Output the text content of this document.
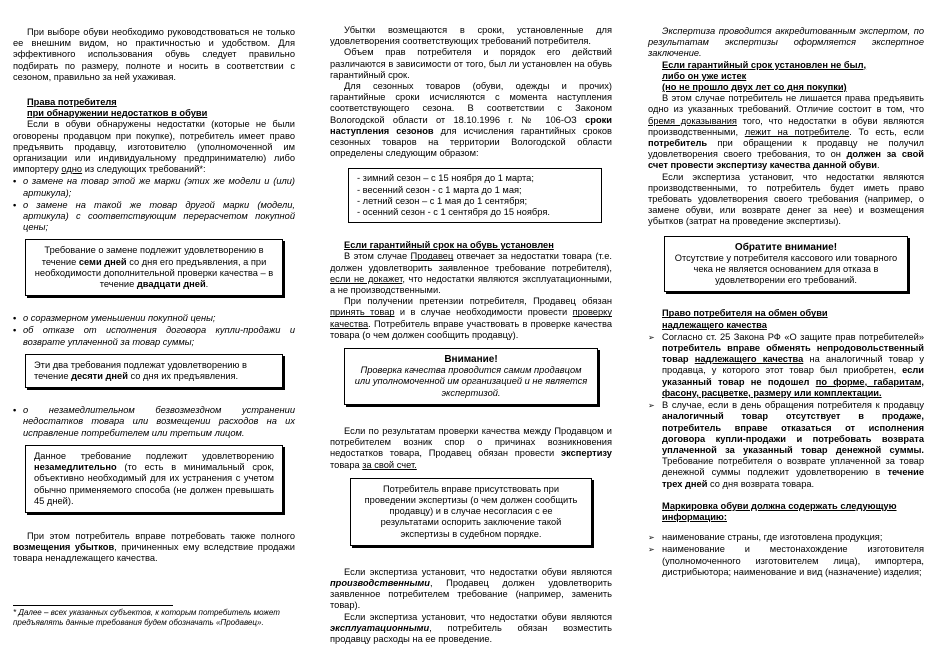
При выборе обуви необходимо руководствоваться не только ее внешним видом, но практичностью и удобством. Для эффективного использования обувь следует правильно подбирать по размеру, полноте и носить в соответствии с сезоном, правильно за ней ухаживая.

Права потребителя

при обнаружении недостатков в обуви

Если в обуви обнаружены недостатки (которые не были оговорены продавцом при покупке), потребитель имеет право предъявить продавцу, изготовителю (уполномоченной им организации или индивидуальному предпринимателю) либо импортеру одно из следующих требований*:

• о замене на товар этой же марки (этих же модели и (или) артикула);
• о замене на такой же товар другой марки (модели, артикула) с соответствующим перерасчетом покупной цены;
Требование о замене подлежит удовлетворению в течение семи дней со дня его предъявления, а при необходимости дополнительной проверки качества – в течение двадцати дней.
• о соразмерном уменьшении покупной цены;
• об отказе от исполнения договора купли-продажи и возврате уплаченной за товар суммы;
Эти два требования подлежат удовлетворению в течение десяти дней со дня их предъявления.
• о незамедлительном безвозмездном устранении недостатков товара или возмещении расходов на их исправление потребителем или третьим лицом.
Данное требование подлежит удовлетворению незамедлительно (то есть в минимальный срок, объективно необходимый для их устранения с учетом обычно применяемого способа (не должен превышать 45 дней).

При этом потребитель вправе потребовать также полного возмещения убытков, причиненных ему вследствие продажи товара ненадлежащего качества.

* Далее – всех указанных субъектов, к которым потребитель может предъявлять данные требования будем обозначать «Продавец».

Убытки возмещаются в сроки, установленные для удовлетворения соответствующих требований потребителя.

Объем прав потребителя и порядок его действий различаются в зависимости от того, был ли установлен на обувь гарантийный срок.

Для сезонных товаров (обуви, одежды и прочих) гарантийные сроки исчисляются с момента наступления соответствующего сезона. В соответствии с Законом Вологодской области от 18.10.1996 г. № 106-ОЗ сроки наступления сезонов для исчисления гарантийных сроков сезонных товаров на территории Вологодской области определены следующим образом:

- зимний сезон – с 15 ноября до 1 марта;
- весенний сезон - с 1 марта до 1 мая;
- летний сезон – с 1 мая до 1 сентября;
- осенний сезон - с 1 сентября до 15 ноября.

Если гарантийный срок на обувь установлен

В этом случае Продавец отвечает за недостатки товара (т.е. должен удовлетворить заявленное требование потребителя), если не докажет, что недостатки являются эксплуатационными, а не производственными.

При получении претензии потребителя, Продавец обязан принять товар и в случае необходимости провести проверку качества. Потребитель вправе участвовать в проверке качества товара (о чем должен сообщить продавцу).

Внимание!
Проверка качества проводится самим продавцом или уполномоченной им организацией и не является экспертизой.

Если по результатам проверки качества между Продавцом и потребителем возник спор о причинах возникновения недостатков товара, Продавец обязан провести экспертизу товара за свой счет.

Потребитель вправе присутствовать при проведении экспертизы (о чем должен сообщить продавцу) и в случае несогласия с ее результатами оспорить заключение такой экспертизы в судебном порядке.

Если экспертиза установит, что недостатки обуви являются производственными, Продавец должен удовлетворить заявленное потребителем требование (например, заменить товар).

Если экспертиза установит, что недостатки обуви являются эксплуатационными, потребитель обязан возместить продавцу расходы на ее проведение.

Экспертиза проводится аккредитованным экспертом, по результатам экспертизы оформляется экспертное заключение.

Если гарантийный срок установлен не был,

либо он уже истек

(но не прошло двух лет со дня покупки)

В этом случае потребитель не лишается права предъявить одно из указанных требований. Отличие состоит в том, что бремя доказывания того, что недостатки в обуви являются производственными, лежит на потребителе. То есть, если потребитель при обращении к продавцу не получил удовлетворения своего требования, то он должен за свой счет провести экспертизу качества данной обуви.

Если экспертиза установит, что недостатки являются производственными, то потребитель будет иметь право требовать удовлетворения своего требования (например, о замене обуви, или возврате денег за нее) и возмещения убытков (затрат на проведение экспертизы).

Обратите внимание!
Отсутствие у потребителя кассового или товарного чека не является основанием для отказа в удовлетворении его требований.

Право потребителя на обмен обуви

надлежащего качества

➢ Согласно ст. 25 Закона РФ «О защите прав потребителей» потребитель вправе обменять непродовольственный товар надлежащего качества на аналогичный товар у продавца, у которого этот товар был приобретен, если указанный товар не подошел по форме, габаритам, фасону, расцветке, размеру или комплектации.
➢ В случае, если в день обращения потребителя к продавцу аналогичный товар отсутствует в продаже, потребитель вправе отказаться от исполнения договора купли-продажи и потребовать возврата уплаченной за указанный товар денежной суммы. Требование потребителя о возврате уплаченной за товар денежной суммы подлежит удовлетворению в течение трех дней со дня возврата товара.

Маркировка обуви должна содержать следующую

информацию:

➢ наименование страны, где изготовлена продукция;
➢ наименование и местонахождение изготовителя (уполномоченного изготовителем лица), импортера, дистрибьютора; наименование и вид (назначение) изделия;
